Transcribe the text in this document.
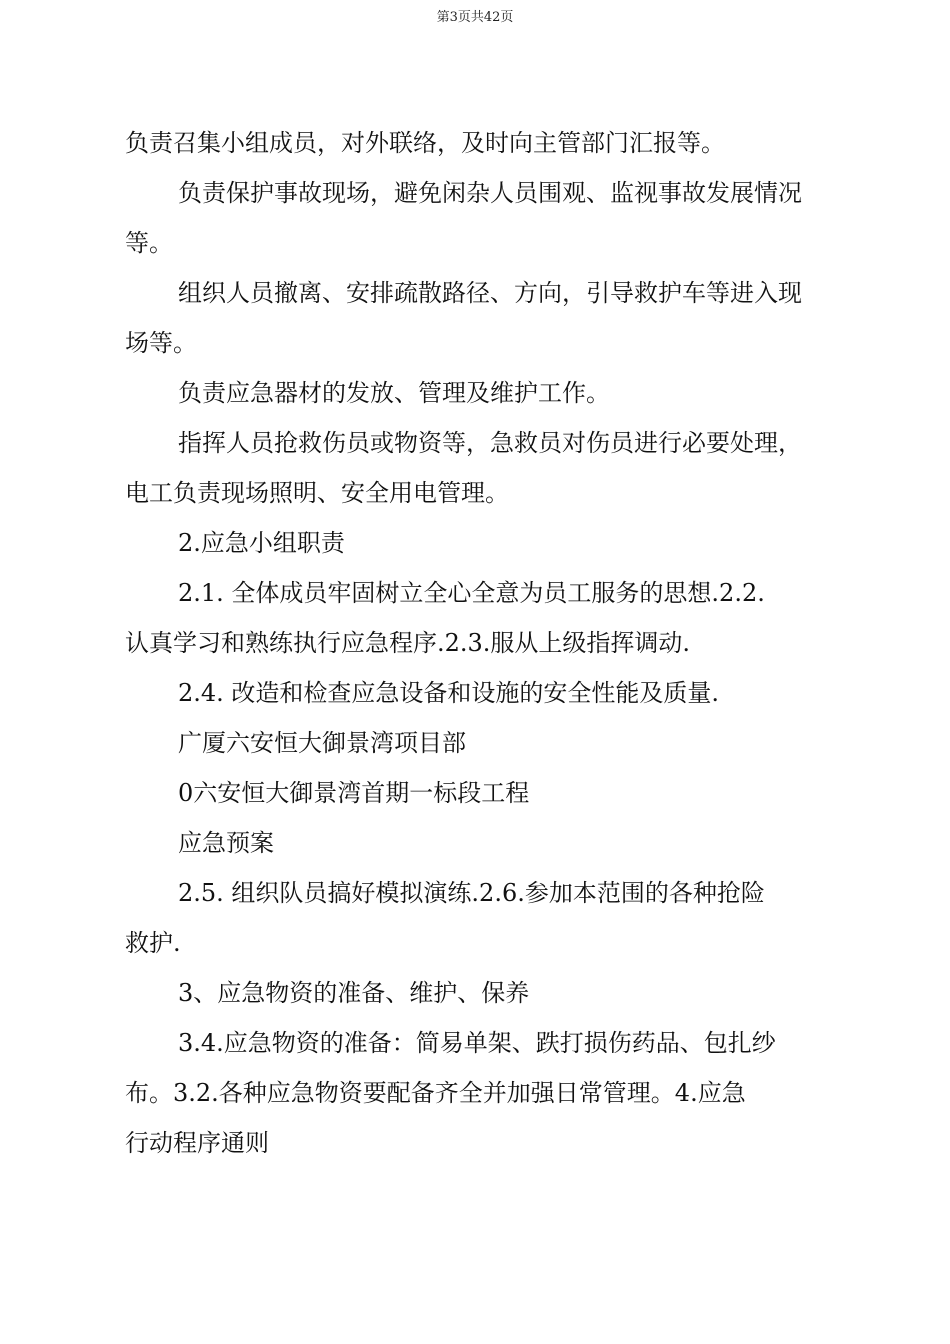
第3页共42页
负责召集小组成员，对外联络，及时向主管部门汇报等。
负责保护事故现场，避免闲杂人员围观、监视事故发展情况
等。
组织人员撤离、安排疏散路径、方向，引导救护车等进入现
场等。
负责应急器材的发放、管理及维护工作。
指挥人员抢救伤员或物资等，急救员对伤员进行必要处理，
电工负责现场照明、安全用电管理。
2.应急小组职责
2.1. 全体成员牢固树立全心全意为员工服务的思想.2.2.
认真学习和熟练执行应急程序.2.3.服从上级指挥调动.
2.4. 改造和检查应急设备和设施的安全性能及质量.
广厦六安恒大御景湾项目部
0六安恒大御景湾首期一标段工程
应急预案
2.5. 组织队员搞好模拟演练.2.6.参加本范围的各种抢险
救护.
3、应急物资的准备、维护、保养
3.4.应急物资的准备：简易单架、跌打损伤药品、包扎纱
布。3.2.各种应急物资要配备齐全并加强日常管理。4.应急
行动程序通则
